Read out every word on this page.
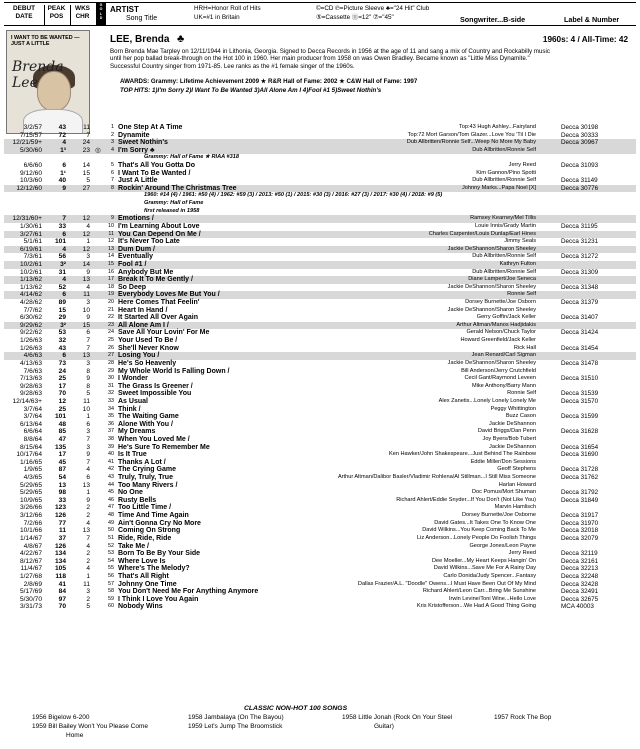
DEBUT
DATE
PEAK
POS
WKS
CHR
G
O
L
D
ARTIST
Song Title
HRH=Honor Roll of Hits
UK=#1 in Britain
©=CD ℗=Picture Sleeve ♣="24 Hit" Club
⑤=Cassette ⑪=12" ⑦="45"	Songwriter...B-side	Label & Number
I WANT TO BE WANTED — JUST A LITTLE
Brenda Lee
LEE, Brenda ♣	1960s: 4 / All-Time: 42
Born Brenda Mae Tarpley on 12/11/1944 in Lithonia, Georgia. Signed to Decca Records in 1956 at the age of 11 and sang a mix of Country and Rockabilly music
until her pop ballad break-through on the Hot 100 in 1960. Her main producer from 1958 on was Owen Bradley. Became known as "Little Miss Dynamite."
Successful Country singer from 1971-85. Lee ranks as the #1 female singer of the 1960s.
AWARDS: Grammy: Lifetime Achievement 2009 ★ R&R Hall of Fame: 2002 ★ C&W Hall of Fame: 1997
TOP HITS: 1)I'm Sorry 2)I Want To Be Wanted 3)All Alone Am I 4)Fool #1 5)Sweet Nothin's
3/2/57	43	11	1 One Step At A Time	Top:43 Hugh Ashley...Fairyland	Decca 30198
7/15/57	72	7	2 Dynamite	Top:72 Mort Garson/Tom Glazer...Love You 'Til I Die	Decca 30333
12/21/59+	4	24	3 Sweet Nothin's	Dub Allbritten/Ronnie Self...Weep No More My Baby	Decca 30967
5/30/60	1³	23 ◎	4 I'm Sorry ♣	Dub Allbritten/Ronnie Self
Grammy: Hall of Fame ★ RIAA #318
6/6/60	6	14	5 That's All You Gotta Do	Jerry Reed	Decca 31093
9/12/60	1¹	15	6 I Want To Be Wanted /	Kim Gannon/Pino Spotti
10/3/60	40	5	7 Just A Little	Dub Allbritten/Ronnie Self	Decca 31149
12/12/60	9	27	8 Rockin' Around The Christmas Tree	Johnny Marks...Papa Noel [X]	Decca 30776
1960: #14 (4) / 1961: #50 (4) / 1962: #59 (3) / 2013: #50 (1) / 2015: #30 (3) / 2016: #27 (3) / 2017: #30 (4) / 2018: #9 (5)
Grammy: Hall of Fame
first released in 1958
12/31/60+	7	12	9 Emotions /	Ramsey Kearney/Mel Tillis
1/30/61	33	4	10 I'm Learning About Love	Louie Innis/Grady Martin	Decca 31195
3/27/61	6	12	11 You Can Depend On Me /	Charles Carpenter/Louis Dunlap/Earl Hines
5/1/61	101	1	12 It's Never Too Late	Jimmy Seals	Decca 31231
6/19/61	4	12	13 Dum Dum /	Jackie DeShannon/Sharon Sheeley
7/3/61	56	3	14 Eventually	Dub Allbritten/Ronnie Self	Decca 31272
10/2/61	3²	14	15 Fool #1 /	Kathryn Fulton
10/2/61	31	9	16 Anybody But Me	Dub Allbritten/Ronnie Self	Decca 31309
1/13/62	4	13	17 Break It To Me Gently /	Diane Lampert/Joe Seneca
1/13/62	52	4	18 So Deep	Jackie DeShannon/Sharon Sheeley	Decca 31348
4/14/62	6	11	19 Everybody Loves Me But You /	Ronnie Self
4/28/62	89	3	20 Here Comes That Feelin'	Dorsey Burnette/Joe Osborn	Decca 31379
7/7/62	15	10	21 Heart In Hand /	Jackie DeShannon/Sharon Sheeley
6/30/62	29	9	22 It Started All Over Again	Gerry Goffin/Jack Keller	Decca 31407
9/29/62	3²	15	23 All Alone Am I /	Arthur Altman/Manos Hadjidakis
9/22/62	53	6	24 Save All Your Lovin' For Me	Gerald Nelson/Chuck Taylor	Decca 31424
1/26/63	32	7	25 Your Used To Be /	Howard Greenfield/Jack Keller
1/26/63	43	7	26 She'll Never Know	Rick Hall	Decca 31454
4/6/63	6	13	27 Losing You /	Jean Renard/Carl Sigman
4/13/63	73	3	28 He's So Heavenly	Jackie DeShannon/Sharon Sheeley	Decca 31478
7/6/63	24	8	29 My Whole World Is Falling Down /	Bill Anderson/Jerry Crutchfield
7/13/63	25	9	30 I Wonder	Cecil Gant/Raymond Leveen	Decca 31510
9/28/63	17	8	31 The Grass Is Greener /	Mike Anthony/Barry Mann
9/28/63	70	5	32 Sweet Impossible You	Ronnie Self	Decca 31539
12/14/63+	12	11	33 As Usual	Alex Zanetis...Lonely Lonely Lonely Me	Decca 31570
3/7/64	25	10	34 Think /	Peggy Whittington
3/7/64	101	1	35 The Waiting Game	Buzz Cason	Decca 31599
6/13/64	48	6	36 Alone With You /	Jackie DeShannon
6/6/64	85	3	37 My Dreams	David Briggs/Dan Penn	Decca 31628
8/8/64	47	7	38 When You Loved Me /	Joy Byers/Bob Tubert
8/15/64	135	3	39 He's Sure To Remember Me	Jackie DeShannon	Decca 31654
10/17/64	17	9	40 Is It True	Ken Hawker/John Shakespeare...Just Behind The Rainbow	Decca 31690
1/16/65	45	7	41 Thanks A Lot /	Eddie Miller/Don Sessions
1/9/65	87	4	42 The Crying Game	Geoff Stephens	Decca 31728
4/3/65	54	6	43 Truly, Truly, True	Arthur Altman/Dalibor Basler/Vladimir Rohlena/Al Stillman...I Still Miss Someone	Decca 31762
5/29/65	13	13	44 Too Many Rivers /	Harlan Howard
5/29/65	98	1	45 No One	Doc Pomus/Mort Shuman	Decca 31792
10/9/65	33	9	46 Rusty Bells	Richard Ahlert/Eddie Snyder...If You Don't (Not Like You)	Decca 31849
3/26/66	123	2	47 Too Little Time /	Marvin Hamlisch
3/12/66	126	2	48 Time And Time Again	Dorsey Burnette/Joe Osborne	Decca 31917
7/2/66	77	4	49 Ain't Gonna Cry No More	David Gates...It Takes One To Know One	Decca 31970
10/1/66	11	13	50 Coming On Strong	David Wilkins...You Keep Coming Back To Me	Decca 32018
1/14/67	37	7	51 Ride, Ride, Ride	Liz Anderson...Lonely People Do Foolish Things	Decca 32079
4/8/67	126	4	52 Take Me /	George Jones/Leon Payne
4/22/67	134	2	53 Born To Be By Your Side	Jerry Reed	Decca 32119
8/12/67	134	2	54 Where Love Is	Dee Moeller...My Heart Keeps Hangin' On	Decca 32161
11/4/67	105	4	55 Where's The Melody?	David Wilkins...Save Me For A Rainy Day	Decca 32213
1/27/68	118	1	56 That's All Right	Carlo Donida/Judy Spencer...Fantasy	Decca 32248
2/8/69	41	11	57 Johnny One Time	Dallas Frazier/A.L. "Doodle" Owens...I Must Have Been Out Of My Mind	Decca 32428
5/17/69	84	3	58 You Don't Need Me For Anything Anymore	Richard Ahlert/Leon Carr...Bring Me Sunshine	Decca 32491
5/30/70	97	2	59 I Think I Love You Again	Irwin Levine/Toni Wine...Hello Love	Decca 32675
3/31/73	70	5	60 Nobody Wins	Kris Kristofferson...We Had A Good Thing Going	MCA 40003
CLASSIC NON-HOT 100 SONGS
1956 Bigelow 6-200	1958 Jambalaya (On The Bayou)	1958 Little Jonah (Rock On Your Steel	1957 Rock The Bop
1959 Bill Bailey Won't You Please Come	1959 Let's Jump The Broomstick	Guitar)
Home
